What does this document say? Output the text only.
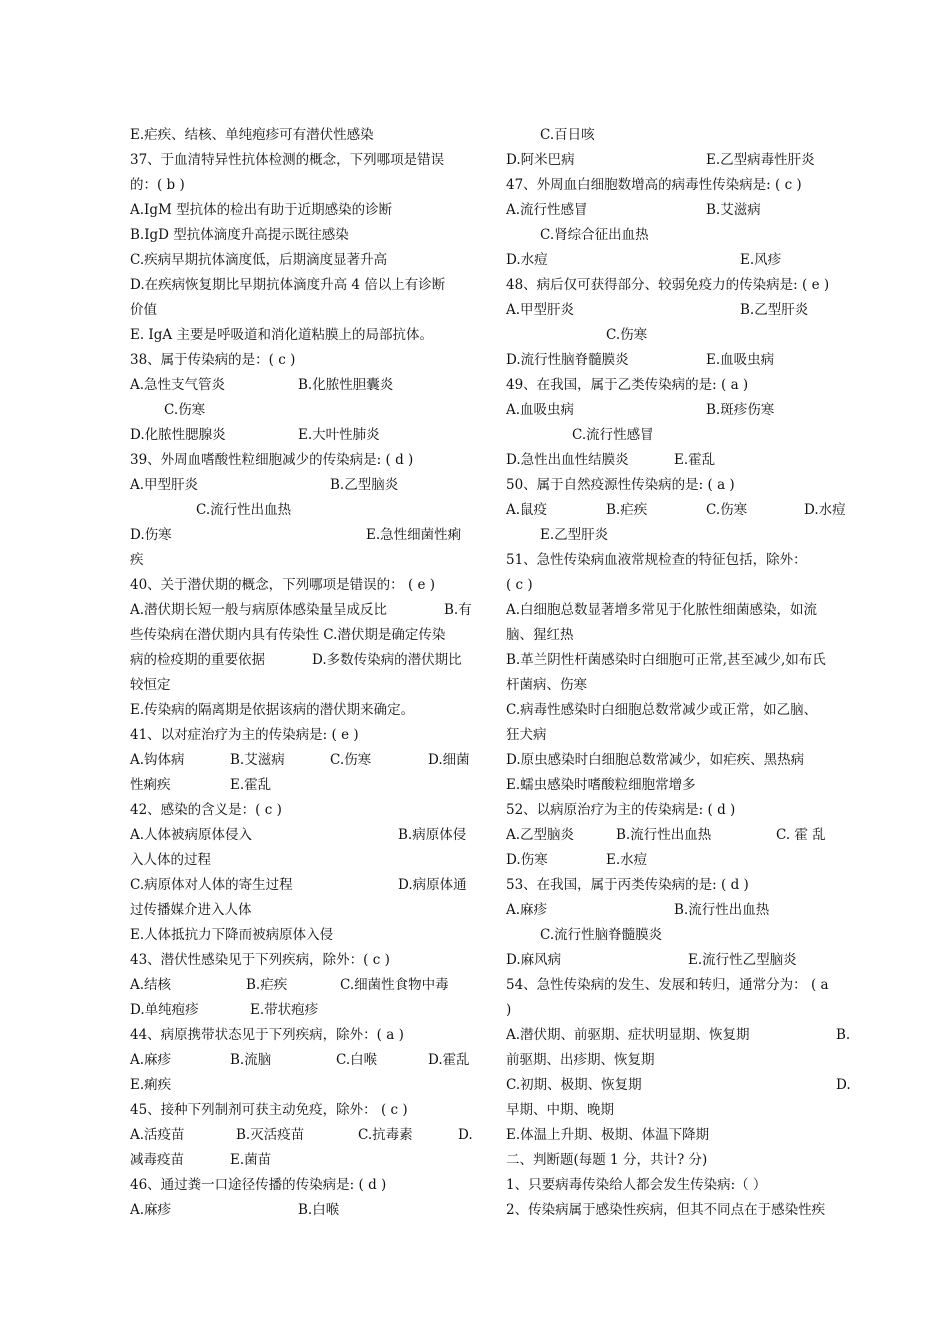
E.疟疾、结核、单纯疱疹可有潜伏性感染
37、于血清特异性抗体检测的概念，下列哪项是错误
的：( b )
A.IgM 型抗体的检出有助于近期感染的诊断
B.IgD 型抗体滴度升高提示既往感染
C.疾病早期抗体滴度低，后期滴度显著升高
D.在疾病恢复期比早期抗体滴度升高 4 倍以上有诊断
价值
E. IgA 主要是呼吸道和消化道粘膜上的局部抗体。
38、属于传染病的是：( c )
A.急性支气管炎	B.化脓性胆囊炎
C.伤寒
D.化脓性腮腺炎	E.大叶性肺炎
39、外周血嗜酸性粒细胞减少的传染病是: ( d )
A.甲型肝炎	B.乙型脑炎
C.流行性出血热
D.伤寒	E.急性细菌性痢
疾
40、关于潜伏期的概念，下列哪项是错误的： ( e )
A.潜伏期长短一般与病原体感染量呈成反比	B.有
些传染病在潜伏期内具有传染性 C.潜伏期是确定传染
病的检疫期的重要依据	D.多数传染病的潜伏期比
较恒定
E.传染病的隔离期是依据该病的潜伏期来确定。
41、以对症治疗为主的传染病是: ( e )
A.钩体病	B.艾滋病	C.伤寒	D.细菌
性痢疾	E.霍乱
42、感染的含义是：( c )
A.人体被病原体侵入	B.病原体侵
入人体的过程
C.病原体对人体的寄生过程	D.病原体通
过传播媒介进入人体
E.人体抵抗力下降而被病原体入侵
43、潜伏性感染见于下列疾病，除外：( c )
A.结核	B.疟疾	C.细菌性食物中毒
D.单纯疱疹	E.带状疱疹
44、病原携带状态见于下列疾病，除外：( a )
A.麻疹	B.流脑	C.白喉	D.霍乱
E.痢疾
45、接种下列制剂可获主动免疫，除外： ( c )
A.活疫苗	B.灭活疫苗	C.抗毒素	D.
减毒疫苗	E.菌苗
46、通过粪一口途径传播的传染病是: ( d )
A.麻疹	B.白喉
C.百日咳
D.阿米巴病	E.乙型病毒性肝炎
47、外周血白细胞数增高的病毒性传染病是: ( c )
A.流行性感冒	B.艾滋病
C.肾综合征出血热
D.水痘	E.风疹
48、病后仅可获得部分、较弱免疫力的传染病是: ( e )
A.甲型肝炎	B.乙型肝炎
C.伤寒
D.流行性脑脊髓膜炎	E.血吸虫病
49、在我国，属于乙类传染病的是: ( a )
A.血吸虫病	B.斑疹伤寒
C.流行性感冒
D.急性出血性结膜炎	E.霍乱
50、属于自然疫源性传染病的是: ( a )
A.鼠疫	B.疟疾	C.伤寒	D.水痘
E.乙型肝炎
51、急性传染病血液常规检查的特征包括，除外：
( c )
A.白细胞总数显著增多常见于化脓性细菌感染，如流
脑、猩红热
B.革兰阴性杆菌感染时白细胞可正常,甚至减少,如布氏
杆菌病、伤寒
C.病毒性感染时白细胞总数常减少或正常，如乙脑、
狂犬病
D.原虫感染时白细胞总数常减少，如疟疾、黑热病
E.蠕虫感染时嗜酸粒细胞常增多
52、以病原治疗为主的传染病是: ( d )
A.乙型脑炎	B.流行性出血热	C. 霍 乱
D.伤寒	E.水痘
53、在我国，属于丙类传染病的是: ( d )
A.麻疹	B.流行性出血热
C.流行性脑脊髓膜炎
D.麻风病	E.流行性乙型脑炎
54、急性传染病的发生、发展和转归，通常分为： ( a
)
A.潜伏期、前驱期、症状明显期、恢复期	B.
前驱期、出疹期、恢复期
C.初期、极期、恢复期	D.
早期、中期、晚期
E.体温上升期、极期、体温下降期
二、判断题(每题 1 分，共计? 分)
1、只要病毒传染给人都会发生传染病:（ ）
2、传染病属于感染性疾病，但其不同点在于感染性疾
